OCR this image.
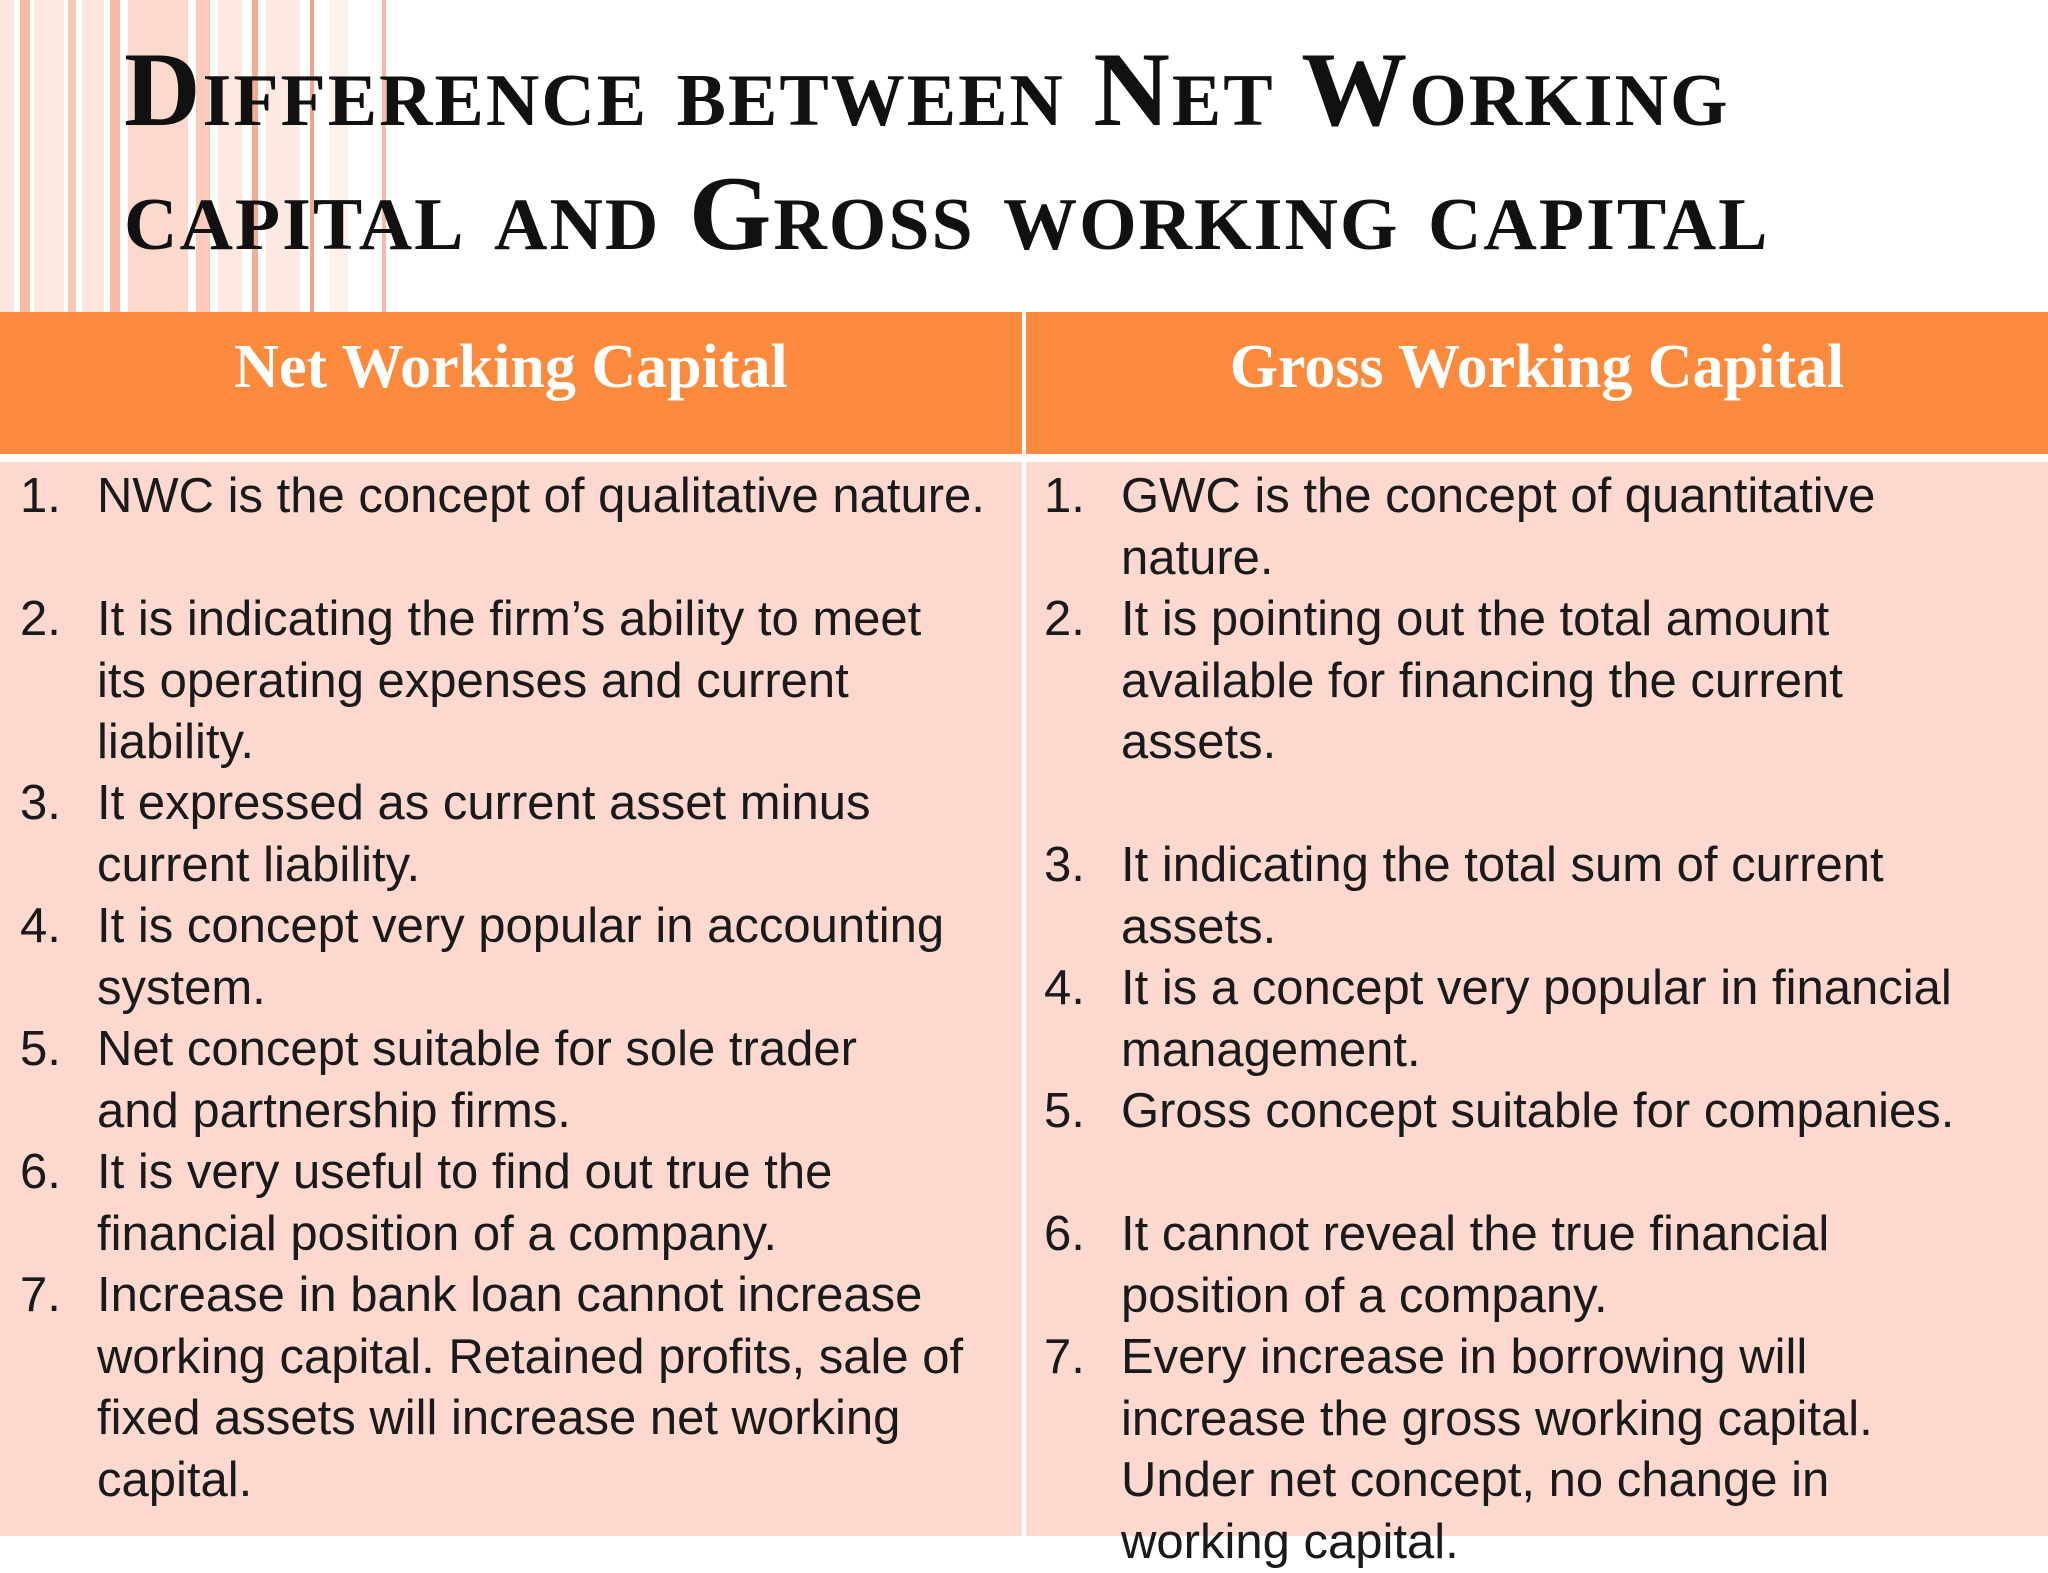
Difference between Net Working
capital and Gross working capital
Net Working Capital	Gross Working Capital
1. NWC is the concept of qualitative nature.
2. It is indicating the firm’s ability to meet its operating expenses and current liability.
3. It expressed as current asset minus current liability.
4. It is concept very popular in accounting system.
5. Net concept suitable for sole trader and partnership firms.
6. It is very useful to find out true the financial position of a company.
7. Increase in bank loan cannot increase working capital. Retained profits, sale of fixed assets will increase net working capital.
1. GWC is the concept of quantitative nature.
2. It is pointing out the total amount available for financing the current assets.
3. It indicating the total sum of current assets.
4. It is a concept very popular in financial management.
5. Gross concept suitable for companies.
6. It cannot reveal the true financial position of a company.
7. Every increase in borrowing will increase the gross working capital. Under net concept, no change in working capital.
